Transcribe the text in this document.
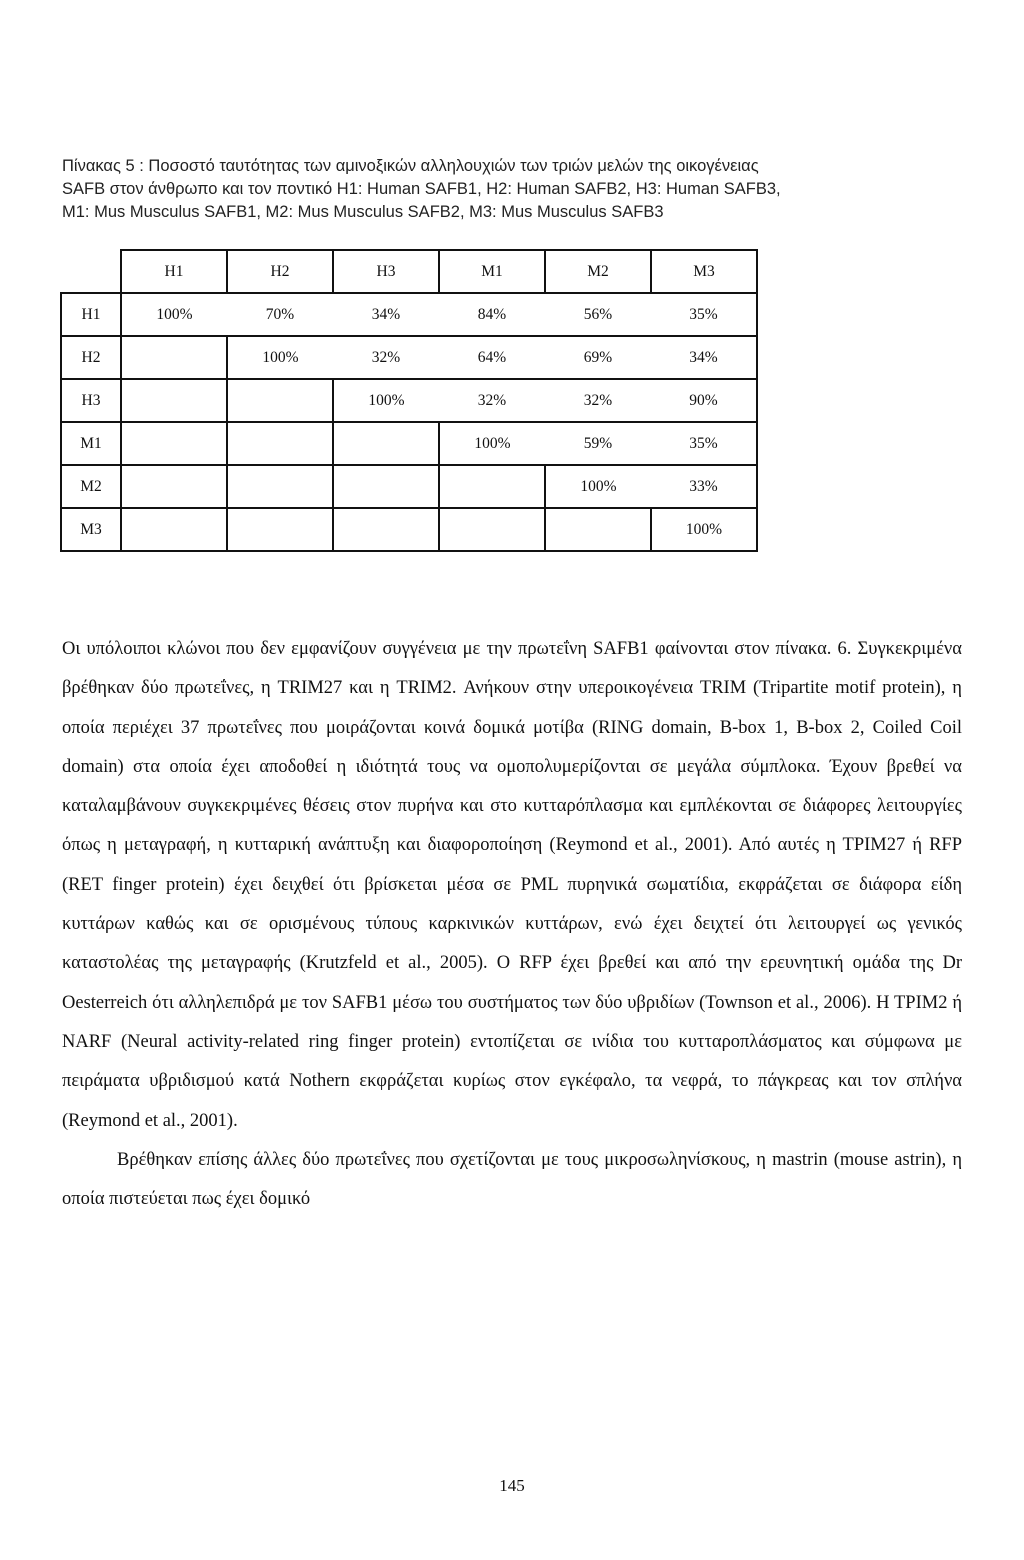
Πίνακας 5 : Ποσοστό ταυτότητας των αμινοξικών αλληλουχιών των τριών μελών της οικογένειας
SAFB στον άνθρωπο και τον ποντικό H1: Human SAFB1, H2: Human SAFB2, H3: Human SAFB3,
M1: Mus Musculus SAFB1, M2: Mus Musculus SAFB2, M3: Mus Musculus SAFB3
	H1	H2	H3	M1	M2	M3
H1	100%	70%	34%	84%	56%	35%
H2		100%	32%	64%	69%	34%
H3			100%	32%	32%	90%
M1				100%	59%	35%
M2					100%	33%
M3						100%

Οι υπόλοιποι κλώνοι που δεν εμφανίζουν συγγένεια με την πρωτεΐνη SAFB1 φαίνονται στον πίνακα. 6. Συγκεκριμένα βρέθηκαν δύο πρωτεΐνες, η TRIM27 και η TRIM2. Ανήκουν στην υπεροικογένεια TRIM (Tripartite motif protein), η οποία περιέχει 37 πρωτεΐνες που μοιράζονται κοινά δομικά μοτίβα (RING domain, B-box 1, B-box 2, Coiled Coil domain) στα οποία έχει αποδοθεί η ιδιότητά τους να ομοπολυμερίζονται σε μεγάλα σύμπλοκα. Έχουν βρεθεί να καταλαμβάνουν συγκεκριμένες θέσεις στον πυρήνα και στο κυτταρόπλασμα και εμπλέκονται σε διάφορες λειτουργίες όπως η μεταγραφή, η κυτταρική ανάπτυξη και διαφοροποίηση (Reymond et al., 2001). Από αυτές η ΤΡΙΜ27 ή RFP (RET finger protein) έχει δειχθεί ότι βρίσκεται μέσα σε PML πυρηνικά σωματίδια, εκφράζεται σε διάφορα είδη κυττάρων καθώς και σε ορισμένους τύπους καρκινικών κυττάρων, ενώ έχει δειχτεί ότι λειτουργεί ως γενικός καταστολέας της μεταγραφής (Krutzfeld et al., 2005). O RFP έχει βρεθεί και από την ερευνητική ομάδα της Dr Oesterreich ότι αλληλεπιδρά με τον SAFB1 μέσω του συστήματος των δύο υβριδίων (Townson et al., 2006). Η ΤΡΙΜ2 ή NARF (Neural activity-related ring finger protein) εντοπίζεται σε ινίδια του κυτταροπλάσματος και σύμφωνα με πειράματα υβριδισμού κατά Nothern εκφράζεται κυρίως στον εγκέφαλο, τα νεφρά, το πάγκρεας και τον σπλήνα (Reymond et al., 2001).

Βρέθηκαν επίσης άλλες δύο πρωτεΐνες που σχετίζονται με τους μικροσωληνίσκους, η mastrin (mouse astrin), η οποία πιστεύεται πως έχει δομικό

145
